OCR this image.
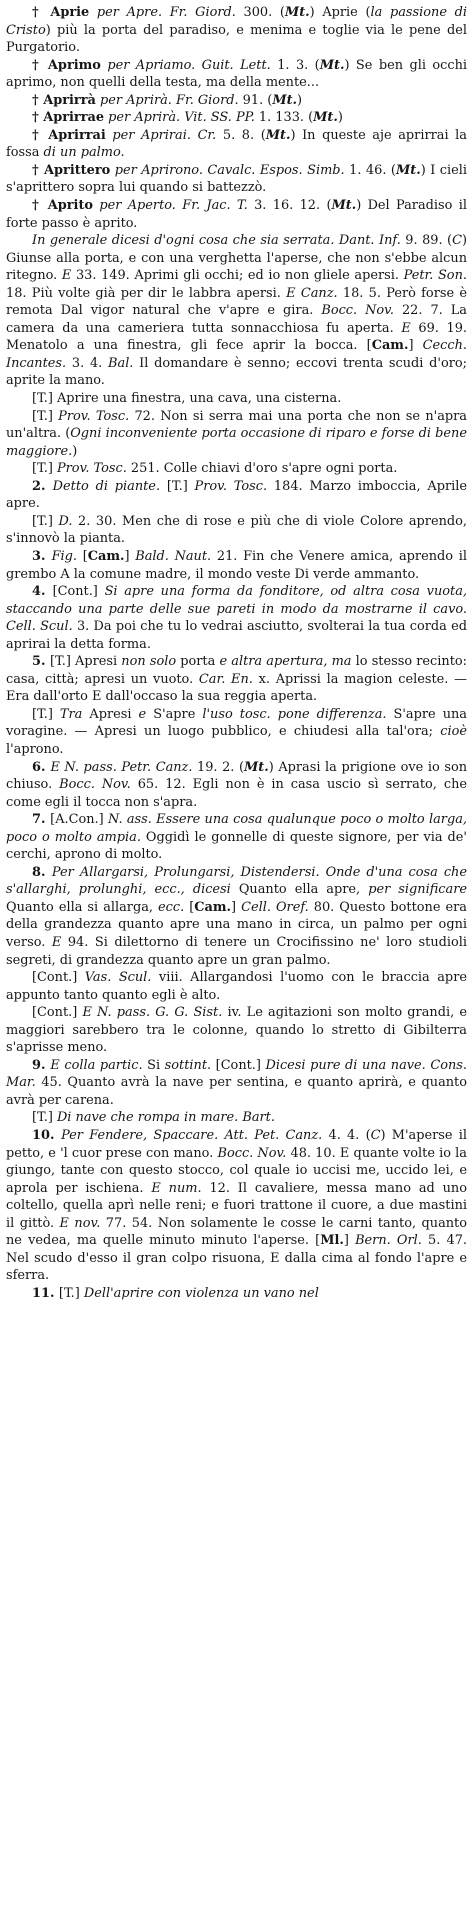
† Aprie per Apre. Fr. Giord. 300. (Mt.) Aprie (la passione di Cristo) più la porta del paradiso, e menima e toglie via le pene del Purgatorio.

† Aprimo per Apriamo. Guit. Lett. 1. 3. (Mt.) Se ben gli occhi aprimo, non quelli della testa, ma della mente...

† Aprirrà per Aprirà. Fr. Giord. 91. (Mt.)

† Aprirrae per Aprirà. Vit. SS. PP. 1. 133. (Mt.)

† Aprirrai per Aprirai. Cr. 5. 8. (Mt.) In queste aje aprirrai la fossa di un palmo.

† Aprittero per Aprirono. Cavalc. Espos. Simb. 1. 46. (Mt.) I cieli s'aprittero sopra lui quando si battezzò.

† Aprito per Aperto. Fr. Jac. T. 3. 16. 12. (Mt.) Del Paradiso il forte passo è aprito.

In generale dicesi d'ogni cosa che sia serrata. Dant. Inf. 9. 89. (C) Giunse alla porta, e con una verghetta l'aperse, che non s'ebbe alcun ritegno. E 33. 149. Aprimi gli occhi; ed io non gliele apersi. Petr. Son. 18. Più volte già per dir le labbra apersi. E Canz. 18. 5. Però forse è remota Dal vigor natural che v'apre e gira. Bocc. Nov. 22. 7. La camera da una cameriera tutta sonnacchiosa fu aperta. E 69. 19. Menatolo a una finestra, gli fece aprir la bocca. [Cam.] Cecch. Incantes. 3. 4. Bal. Il domandare è senno; eccovi trenta scudi d'oro; aprite la mano.

[T.] Aprire una finestra, una cava, una cisterna.

[T.] Prov. Tosc. 72. Non si serra mai una porta che non se n'apra un'altra. (Ogni inconveniente porta occasione di riparo e forse di bene maggiore.)

[T.] Prov. Tosc. 251. Colle chiavi d'oro s'apre ogni porta.

2. Detto di piante. [T.] Prov. Tosc. 184. Marzo imboccia, Aprile apre.

[T.] D. 2. 30. Men che di rose e più che di viole Colore aprendo, s'innovò la pianta.

3. Fig. [Cam.] Bald. Naut. 21. Fin che Venere amica, aprendo il grembo A la comune madre, il mondo veste Di verde ammanto.

4. [Cont.] Si apre una forma da fonditore, od altra cosa vuota, staccando una parte delle sue pareti in modo da mostrarne il cavo. Cell. Scul. 3. Da poi che tu lo vedrai asciutto, svolterai la tua corda ed aprirai la detta forma.

5. [T.] Apresi non solo porta e altra apertura, ma lo stesso recinto: casa, città; apresi un vuoto. Car. En. x. Aprissi la magion celeste. — Era dall'orto E dall'occaso la sua reggia aperta.

[T.] Tra Apresi e S'apre l'uso tosc. pone differenza. S'apre una voragine. — Apresi un luogo pubblico, e chiudesi alla tal'ora; cioè l'aprono.

6. E N. pass. Petr. Canz. 19. 2. (Mt.) Aprasi la prigione ove io son chiuso. Bocc. Nov. 65. 12. Egli non è in casa uscio sì serrato, che come egli il tocca non s'apra.

7. [A.Con.] N. ass. Essere una cosa qualunque poco o molto larga, poco o molto ampia. Oggidì le gonnelle di queste signore, per via de' cerchi, aprono di molto.

8. Per Allargarsi, Prolungarsi, Distendersi. Onde d'una cosa che s'allarghi, prolunghi, ecc., dicesi Quanto ella apre, per significare Quanto ella si allarga, ecc. [Cam.] Cell. Oref. 80. Questo bottone era della grandezza quanto apre una mano in circa, un palmo per ogni verso. E 94. Si dilettorno di tenere un Crocifissino ne' loro studioli segreti, di grandezza quanto apre un gran palmo.

[Cont.] Vas. Scul. viii. Allargandosi l'uomo con le braccia apre appunto tanto quanto egli è alto.

[Cont.] E N. pass. G. G. Sist. iv. Le agitazioni son molto grandi, e maggiori sarebbero tra le colonne, quando lo stretto di Gibilterra s'aprisse meno.

9. E colla partic. Si sottint. [Cont.] Dicesi pure di una nave. Cons. Mar. 45. Quanto avrà la nave per sentina, e quanto aprirà, e quanto avrà per carena.

[T.] Di nave che rompa in mare. Bart.

10. Per Fendere, Spaccare. Att. Pet. Canz. 4. 4. (C) M'aperse il petto, e 'l cuor prese con mano. Bocc. Nov. 48. 10. E quante volte io la giungo, tante con questo stocco, col quale io uccisi me, uccido lei, e aprola per ischiena. E num. 12. Il cavaliere, messa mano ad uno coltello, quella aprì nelle reni; e fuori trattone il cuore, a due mastini il gittò. E nov. 77. 54. Non solamente le cosse le carni tanto, quanto ne vedea, ma quelle minuto minuto l'aperse. [Ml.] Bern. Orl. 5. 47. Nel scudo d'esso il gran colpo risuona, E dalla cima al fondo l'apre e sferra.

11. [T.] Dell'aprire con violenza un vano nel
